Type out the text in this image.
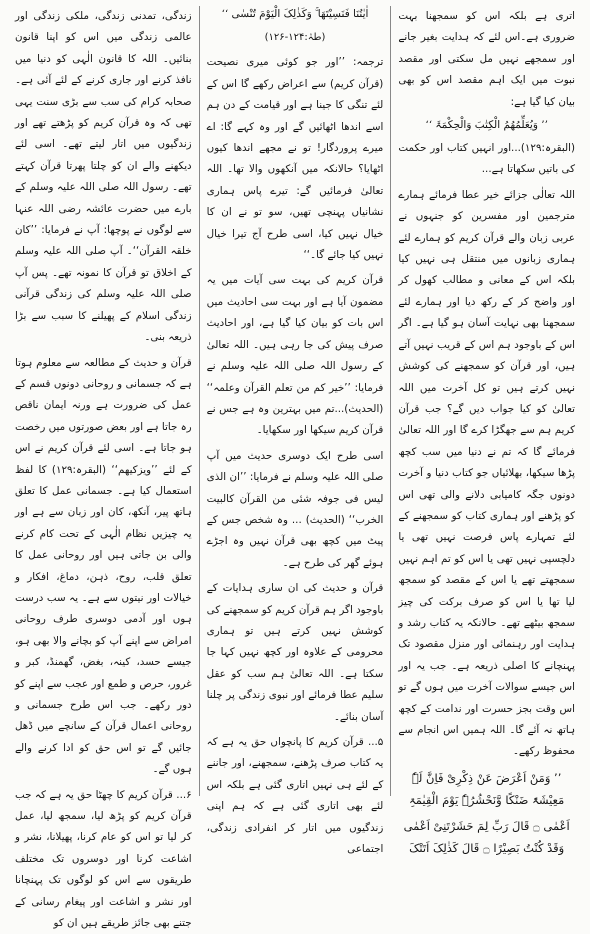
اتری ہے بلکہ اس کو سمجھنا بہت ضروری ہے۔اس لئے کہ ہدایت بغیر جانے اور سمجھے نہیں مل سکتی اور مقصد نبوت میں ایک اہم مقصد اس کو بھی بیان کیا گیا ہے:

’’ وَیُعَلِّمُھُمُ الْکِتٰبَ وَالْحِکْمَۃَ ‘‘

(البقرہ:۱۲۹)...اور انہیں کتاب اور حکمت کی باتیں سکھاتا ہے...

اللہ تعالٰی جزائے خیر عطا فرمائے ہمارے مترجمین اور مفسرین کو جنہوں نے عربی زبان والے قرآن کریم کو ہمارے لئے ہماری زبانوں میں منتقل ہی نہیں کیا بلکہ اس کے معانی و مطالب کھول کر اور واضح کر کے رکھ دیا اور ہمارے لئے سمجھنا بھی نہایت آسان ہو گیا ہے۔ اگر اس کے باوجود ہم اس کے قریب نہیں آتے ہیں، اور قرآن کو سمجھنے کی کوشش نہیں کرتے ہیں تو کل آخرت میں اللہ تعالیٰ کو کیا جواب دیں گے؟ جب قرآن کریم ہم سے جھگڑا کرے گا اور اللہ تعالیٰ فرمائے گا کہ تم نے دنیا میں سب کچھ پڑھا سیکھا، بھلائیاں جو کتاب دنیا و آخرت دونوں جگہ کامیابی دلانے والی تھی اس کو پڑھنے اور ہماری کتاب کو سمجھنے کے لئے تمہارے پاس فرصت نہیں تھی یا دلچسپی نہیں تھی یا اس کو تم اہم نہیں سمجھتے تھے یا اس کے مقصد کو سمجھ لیا تھا یا اس کو صرف برکت کی چیز سمجھ بیٹھے تھے۔ حالانکہ یہ کتاب رشد و ہدایت اور رہنمائی اور منزل مقصود تک پہنچانے کا اصلی ذریعہ ہے۔ جب یہ اور اس جیسے سوالات آخرت میں ہوں گے تو اس وقت بجز حسرت اور ندامت کے کچھ ہاتھ نہ آئے گا۔ اللہ ہمیں اس انجام سے محفوظ رکھے۔

’’ وَمَنْ اَعْرَضَ عَنْ ذِکْرِیْ فَاِنَّ لَہٗ مَعِیْشَۃً ضَنْکًا وَّنَحْشُرُہٗ یَوْمَ الْقِیٰمَۃِ

اَعْمٰی ۝ قَالَ رَبِّ لِمَ حَشَرْتَنِیْ اَعْمٰی وَقَدْ کُنْتُ بَصِیْرًا ۝ قَالَ کَذٰلِکَ اَتَتْکَ

اٰیٰتُنَا فَنَسِیْتَھَا ۚ وَکَذٰلِکَ الْیَوْمَ تُنْسٰی ‘‘

(طہٰ:۱۲۴-۱۲۶)

ترجمہ: ’’اور جو کوئی میری نصیحت (قرآن کریم) سے اعراض رکھے گا اس کے لئے تنگی کا جینا ہے اور قیامت کے دن ہم اسے اندھا اٹھائیں گے اور وہ کہے گا: اے میرے پروردگار! تو نے مجھے اندھا کیوں اٹھایا؟ حالانکہ میں آنکھوں والا تھا۔ اللہ تعالیٰ فرمائیں گے: تیرے پاس ہماری نشانیاں پہنچی تھیں، سو تو نے ان کا خیال نہیں کیا، اسی طرح آج تیرا خیال نہیں کیا جائے گا۔‘‘

قرآن کریم کی بہت سی آیات میں یہ مضمون آیا ہے اور بہت سی احادیث میں اس بات کو بیان کیا گیا ہے، اور احادیث صرف پیش کی جا رہی ہیں۔ اللہ تعالیٰ کے رسول اللہ صلی اللہ علیہ وسلم نے فرمایا: ’’خیر کم من تعلم القرآن وعلمہ‘‘ (الحدیث)...تم میں بہترین وہ ہے جس نے قرآن کریم سیکھا اور سکھایا۔

اسی طرح ایک دوسری حدیث میں آپ صلی اللہ علیہ وسلم نے فرمایا: ’’ان الذی لیس فی جوفہ شئی من القرآن کالبیت الخرب‘‘ (الحدیث) ... وہ شخص جس کے پیٹ میں کچھ بھی قرآن نہیں وہ اجڑے ہوئے گھر کی طرح ہے۔

قرآن و حدیث کی ان ساری ہدایات کے باوجود اگر ہم قرآن کریم کو سمجھنے کی کوشش نہیں کرتے ہیں تو ہماری محرومی کے علاوہ اور کچھ نہیں کہا جا سکتا ہے۔ اللہ تعالیٰ ہم سب کو عقل سلیم عطا فرمائے اور نبوی زندگی پر چلنا آسان بنائے۔

۵... قرآن کریم کا پانچواں حق یہ ہے کہ یہ کتاب صرف پڑھنے، سمجھنے، اور جاننے کے لئے ہی نہیں اتاری گئی ہے بلکہ اس لئے بھی اتاری گئی ہے کہ ہم اپنی زندگیوں میں اتار کر انفرادی زندگی، اجتماعی

زندگی، تمدنی زندگی، ملکی زندگی اور عالمی زندگی میں اس کو اپنا قانون بنائیں۔ اللہ کا قانون الٰہی کو دنیا میں نافذ کرنے اور جاری کرنے کے لئے آئی ہے۔ صحابہ کرام کی سب سے بڑی سنت یہی تھی کہ وہ قرآن کریم کو پڑھتے تھے اور زندگیوں میں اتار لیتے تھے۔ اسی لئے دیکھنے والے ان کو چلتا پھرتا قرآن کہتے تھے۔ رسول اللہ صلی اللہ علیہ وسلم کے بارے میں حضرت عائشہ رضی اللہ عنہا سے لوگوں نے پوچھا: آپ نے فرمایا: ’’کان خلقہ القرآن‘‘۔ آپ صلی اللہ علیہ وسلم کے اخلاق تو قرآن کا نمونہ تھے۔ پس آپ صلی اللہ علیہ وسلم کی زندگی قرآنی زندگی اسلام کے پھیلنے کا سبب سے بڑا ذریعہ بنی۔

قرآن و حدیث کے مطالعہ سے معلوم ہوتا ہے کہ جسمانی و روحانی دونوں قسم کے عمل کی ضرورت ہے ورنہ ایمان ناقص رہ جاتا ہے اور بعض صورتوں میں رخصت ہو جاتا ہے۔ اسی لئے قرآن کریم نے اس کے لئے ’’ویزکیھم‘‘ (البقرہ:۱۲۹) کا لفظ استعمال کیا ہے۔ جسمانی عمل کا تعلق ہاتھ پیر، آنکھ، کان اور زبان سے ہے اور یہ چیزیں نظام الٰہی کے تحت کام کرنے والی بن جاتی ہیں اور روحانی عمل کا تعلق قلب، روح، ذہن، دماغ، افکار و خیالات اور نیتوں سے ہے۔ یہ سب درست ہوں اور آدمی دوسری طرف روحانی امراض سے اپنے آپ کو بچانے والا بھی ہو، جیسے حسد، کینہ، بغض، گھمنڈ، کبر و غرور، حرص و طمع اور عجب سے اپنے کو دور رکھے۔ جب اس طرح جسمانی و روحانی اعمال قرآن کے سانچے میں ڈھل جائیں گے تو اس حق کو ادا کرنے والے ہوں گے۔

۶... قرآن کریم کا چھٹا حق یہ ہے کہ جب قرآن کریم کو پڑھ لیا، سمجھ لیا، عمل کر لیا تو اس کو عام کرنا، پھیلانا، نشر و اشاعت کرنا اور دوسروں تک مختلف طریقوں سے اس کو لوگوں تک پہنچانا اور نشر و اشاعت اور پیغام رسانی کے جتنے بھی جائز طریقے ہیں ان کو
